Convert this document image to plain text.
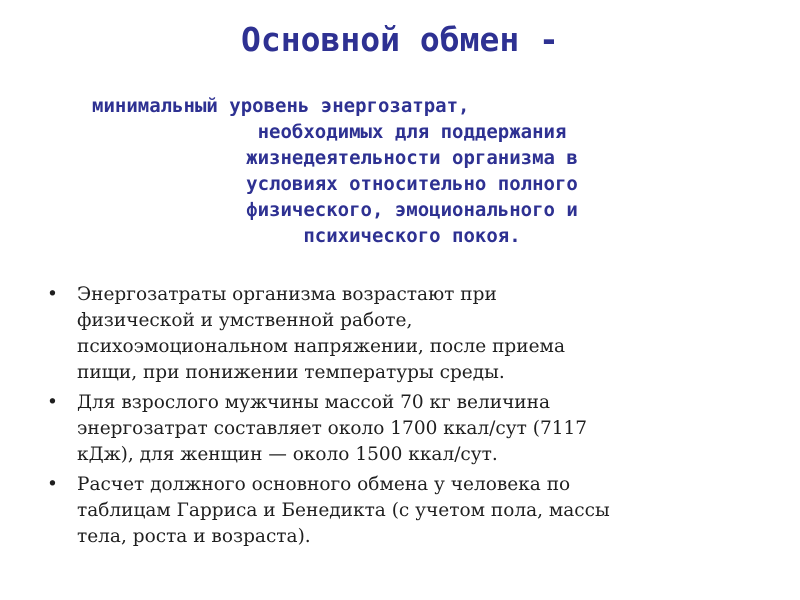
Основной обмен -

минимальный уровень энергозатрат,
необходимых для поддержания
жизнедеятельности организма в
условиях относительно полного
физического, эмоционального и
психического покоя.

•	Энергозатраты организма возрастают при
физической и умственной работе,
психоэмоциональном напряжении, после приема
пищи, при понижении температуры среды.
•	Для взрослого мужчины массой 70 кг величина
энергозатрат составляет около 1700 ккал/сут (7117
кДж), для женщин — около 1500 ккал/сут.
•	Расчет должного основного обмена у человека по
таблицам Гарриса и Бенедикта (с учетом пола, массы
тела, роста и возраста).
